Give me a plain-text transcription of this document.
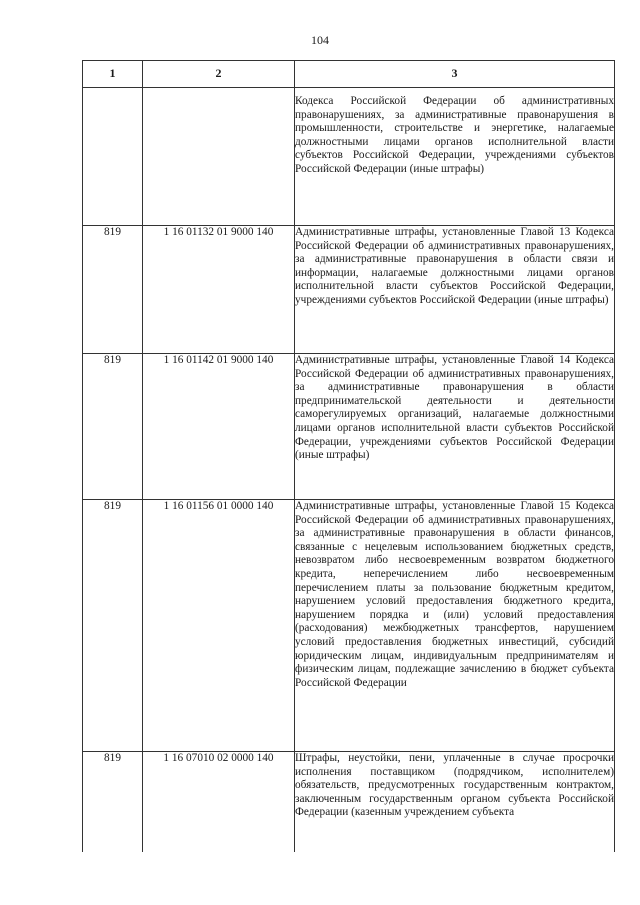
104
1	2	3
		Кодекса Российской Федерации об административных правонарушениях, за административные правонарушения в промышленности, строительстве и энергетике, налагаемые должностными лицами органов исполнительной власти субъектов Российской Федерации, учреждениями субъектов Российской Федерации (иные штрафы)
819	1 16 01132 01 9000 140	Административные штрафы, установленные Главой 13 Кодекса Российской Федерации об административных правонарушениях, за административные правонарушения в области связи и информации, налагаемые должностными лицами органов исполнительной власти субъектов Российской Федерации, учреждениями субъектов Российской Федерации (иные штрафы)
819	1 16 01142 01 9000 140	Административные штрафы, установленные Главой 14 Кодекса Российской Федерации об административных правонарушениях, за административные правонарушения в области предпринимательской деятельности и деятельности саморегулируемых организаций, налагаемые должностными лицами органов исполнительной власти субъектов Российской Федерации, учреждениями субъектов Российской Федерации (иные штрафы)
819	1 16 01156 01 0000 140	Административные штрафы, установленные Главой 15 Кодекса Российской Федерации об административных правонарушениях, за административные правонарушения в области финансов, связанные с нецелевым использованием бюджетных средств, невозвратом либо несвоевременным возвратом бюджетного кредита, неперечислением либо несвоевременным перечислением платы за пользование бюджетным кредитом, нарушением условий предоставления бюджетного кредита, нарушением порядка и (или) условий предоставления (расходования) межбюджетных трансфертов, нарушением условий предоставления бюджетных инвестиций, субсидий юридическим лицам, индивидуальным предпринимателям и физическим лицам, подлежащие зачислению в бюджет субъекта Российской Федерации
819	1 16 07010 02 0000 140	Штрафы, неустойки, пени, уплаченные в случае просрочки исполнения поставщиком (подрядчиком, исполнителем) обязательств, предусмотренных государственным контрактом, заключенным государственным органом субъекта Российской Федерации (казенным учреждением субъекта
